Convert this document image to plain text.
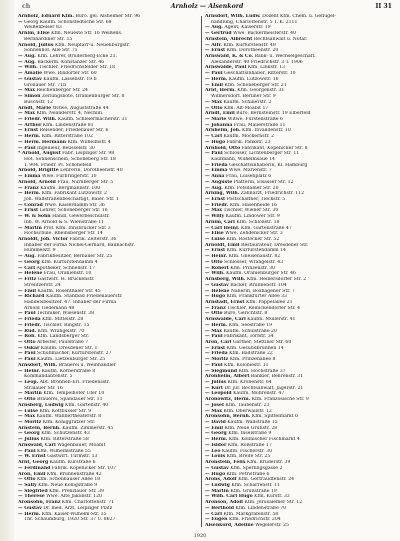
ch	Arnholz — Alsenkord	II 31
Arnholz, Eduard Kfm. Büro. gel. Alsheimer Str. 96
— Georg Kaufm. Schönstedtsche Str. 68
Weißenfelser 83
Arnim, Elise Kfm. Neueste Str. 16 Weißens.
Bernhardiner Str. 15
Arnold, Julius Kfm. Neupfarr-u. Neuenburgstr.
Sonnenhof. Alle Str. 71
— Aug. Kfm. Lehrer, Brüderberg-Ecke 21.
— Aug. Bäckerm. Konstanzer Str. 46
— Wilh. Tischler, Friedrichsfelder Str. 18
— Amalie Wwe. Rixdorfer Str. 60
— Gustav Kaufm. Lassenstr. 19 b
Gronauer Str. 71b
— Max Reichenberger Str. 24
— Simon Zeitungsbote. Oranienburger Str. 8
Buschstr. 12
Arndt, Marie Witwe, Auguststraße 44
— Max Kfm. Neanderstr. 4, Nechlin.
— Friedr. Wilh. Kaufm. Schleiermacherstr. 31
— Arthur Kfm. Lindenstraße 81
— Ernst Reisender, Friedenauer Str. 6
— Herm. Kfm. Ritterstraße 102
— Herm. Hermann Kfm. Wilhelmstr. 4
— Paul Ingenieur, Beusselstr. 30
* Arnold, August Fabr. Leipziger Str. 98
Hot. Sonnenschein, Schöneberg Str. 18
T. 904. Friedr. Pl. Schönefeld
Arnold, Brigitte Lehrerin, Dorotheenstr. 40
— Emma Wwe. Fürbringerstr. 10
Arnold, Arnold Frau, Nürnberger Str. 5
— Franz Kaufm. Bergmannstr. 100
— Herm. Kfm. Fabrikant Lützowstr. 2
Joh. Wallstraßenbeschäftigt, Baier. Str. 1
— Conrad Wwe. Kaiserdamm Str. 36
— Ernst Lehrer, Schöneberger Str. 16
— W. & Sohn Handl. Gewerbeschulstr.
Inh. W. Arnold & S. Wienstraße 11
— Martin Prof. Kfm. Innsbrucker Str. 3
Hochschule. Rheinsberger Str. 14
Arnoldt, Joh. Victor Fabrik. Zelterstr. 36
Inhaber der Firma Nickel-Gerhard, Baunachstr.
Hummelstr. 9
— Aug. Fabrikbesitzer, Bernauer Str. 25
— Georg Kfm. Kurfürstendamm 4
— Carl Apotheker, Schnellstr. 17
— Helene Frau, Oranienstr. 10
— Fritz Gastwirt. H. Brückenstr.
Strelitzerstr. 24
— Emil Kaufm. Rosenthaler Str. 45
— Richard Kaufm. Stahlbad Friedenauerstr.
Handelsbesitzer. 47. Inhaber der Firma
Arnold Tiedemann 48
— Paul Techniker, Wiesenstr. 38
— Frieda Kfm. Mittelstr. 28
— Friedr. Tischler, Ringstr. 15
— Rud. Kfm. Wrangelstr. 70
— Rob. Kfm. Landsberger Str.
— Otto Arbeiter, Paulstraße 7
— Oskar Kaufm. Dresdener Str. 1
— Paul Schuhmacher, Kurfürstenstr. 27
— Paul Kaufm. Lietzenburger Str. 25
Arnsdorf, Wilh. Brauerei u. Weinhändler
— Heinr. Kaufm. Körnerstraße 8
Kommandantenstr. 5
— Leop. Abt. Bronnen-Erl. Friedensstr.
Stralauer Str. 16
— Martin Kfm. Tempelhofer Ufer 10
— Otto Brauerei, Spandauer Str. 11
Arnsberg, Ludwig Kfm. Gartenstr. 40
— Luise Kfm. Kottbusser Str. 9
— Max Kaufm. Wallnertheaterstr. 8
— Moritz Kfm. Königgrätzer Str.
Arnstein, Bernh. Kaufm. Zimmerstr. 45
— Georg Kfm. Schützenstr. 43
— Julius Kfm. Ritterstraße 58
Arnswald, Carl Wagenbauer, Moabit
— Paul Kfm. Wilhelmstraße 55
— W. Ernst Gastwirt. Turmstr. 13
Arnt, Georg Kaufm. Kurstraße 6
— Ferdinand Fabrik. Köpenicker Str. 107
Aron, Emil Kfm. Brunnenstraße 42
— Otto Kfm. Schönhauser Allee 18
— Sally Kfm. Neue Königstraße 9
— Siegfried Kfm. Prenzlauer Str. 39
— Therese Wwe. Alte Jakobstr. 120
Aronsohn, Franz Kfm. Charlottenstr. 71
— Gustav Dr. med. Arzt, Leipziger Platz
— Herm. Kfm. Kaiser-Wilhelm-Str. 35
Thr. Schaumburg, 1920 Str. 37 U. 8627
Arnsdorf, Wilh. Ludw. Dozent Kfm. Chem. u. Geflügel-
handlung, Charlottenstr. 5 T. K. 2111
— Aug. Agent, Kaiserstr. 19
— Gertrud Wwe. Bäckermeisterstr. 40
Arnstein, Albrecht Rechtsanwalt u. Notar.
— Alfr. Kfm. Kurfürstenstr. 49
— Ernst Kfm. Dorotheenstr. 20
Arnswald, K. & Co. Bank- u. Wechselgeschäft.
Alexanderstr. 40 Friedrichstr. 3 T. 1906
Arnswalde, Paul Kfm. Linkstr. 13
— Paul Geschäftsinhaber, Ritterstr. 10
— Herm. Kaufm. Lützowstr. 16
— Emil Kfm. Schöneberger Str. 21
Arnt, Herm. Kfm. Georgenstr. 31
Wilmersdorf. Berliner Str. 9
— Max Kaufm. Schillerstr. 2
— Otto Kfm. Alt-Moabit 17
Arndt, Emil Büro, Bernsteinstr. 19 Elberfeld
— Marie Witwe, Fürstenstraße 6
— Johanna Frau, Mauerstraße 11
Arnheim, Joh. Kfm. Invalidenstr. 10
— Carl Kaufm. Möckernstr. 2
— Hugo Fabrik. Pankstr. 23
Arnhold, Otto Fabrikant, Köpenicker Str. 8
— Paul Schlosser, Lichtenberger Str. 11
Kaufmann, Wilhelmsaue 14
— Frieda Geschäftsinhaberin, Kl. Hamburg
— Emma Wwe. Marienstr. 7
— Anna Frau, Luisenplatz 6
— Auguste Plätterin, Elsasser Str. 12
— Aug. Kfm. Potsdamer Str. 20
Arning, Wilh. Zahnarzt, Friedrichstr. 112
— Ernst Postschaffner, Tieckstr. 5
— Friedr. Kfm. Hasenheide 16
— Max Tischler, Wiener Str. 30
— Willy Kaufm. Lindower Str. 9
Arnim, Carl Kfm. Schloßstr. 18
— Carl Heinr. Kfm. Gartenstraße 47
— Elise Wwe. Zehdenicker Str. 3
— Luise Kfm. Rostocker Str. 52
Arnoldt, Emil Restaurateur, Dresdener Str.
— Ernst Kfm. Kurfürstendamm 14
— Heinr. Kfm. Gneisenaustr. 82
— Otto Schlosser, Wrangelstr. 43
— Robert Kfm. Prinzenstr. 30
— Wilh. Kaufm. Oranienburger Str. 46
Arnsberg, Wilh. Kfm. Heinersdorfer Str. 2
— Gustav Bäcker, Brunnenstr. 104
— Helene Näherin, Boxhagener Str. 7
— Hugo Kfm. Frankfurter Allee 33
Arnstadt, Ernst Kfm. Pappelallee 21
— Franz Tischler, Reinickendorfer Str. 4
— Otto Büro, Gerichtstr. 8
Arnswalde, Carl Kaufm. Müllerstr. 41
— Herm. Kfm. Seestraße 19
— Max Kaufm. Schulstraße 20
— Paul Fabrikant, Torfstr. 34
Aron, Carl Gärtner, Stettiner Str. 60
— Ernst Kfm. Gesundbrunnen 14
— Frieda Kfm. Badstraße 22
— Moritz Kfm. Prinzenallee 8
— Paul Kfm. Koloniestr. 11
— Siegmund Kfm. Hochstraße 37
Aronheim, Albert Bankier, Behrenstr. 31
— Julius Kfm. Kronenstr. 64
— Kurt Dr. jur. Rechtsanwalt, Jägerstr. 21
— Leopold Kaufm. Mohrenstr. 47
Aronowitz, Herm. Kfm. Französische Str. 9
— Josef Kfm. Taubenstr. 23
— Max Kfm. Oberwallstr. 12
Aronsohn, Bernh. Kfm. Spittelmarkt 6
— David Kaufm. Wallstraße 15
— Emil Kfm. Neue Grünstr. 28
— Georg Kfm. Inselstraße 9
— Herm. Kfm. Köllnischer Fischmarkt 4
— Isidor Kfm. Roßstraße 17
— Leo Kaufm. Fischerstr. 30
— Louis Kfm. Breite Str. 25
Aronstein, Felix Kfm. Brüderstr. 39
— Gustav Kfm. Sperlingsgasse 2
— Hugo Kfm. Petristraße 6
Arons, Adolf Kfm. Gertraudtenstr. 24
— Ludwig Kfm. Scharrenstr. 11
— Martin Kfm. Grünstraße 19
— Wilh. Carl Hugo Kfm. Kurstr. 33
Aronson, Adolf Kfm. Jerusalemer Str. 12
— Berthold Kfm. Lindenstraße 70
— Carl Kfm. Markgrafenstr. 58
— Eugen Kfm. Friedrichstr. 204
Alsenkord, Adeline Wegelerstr. 25
1920
